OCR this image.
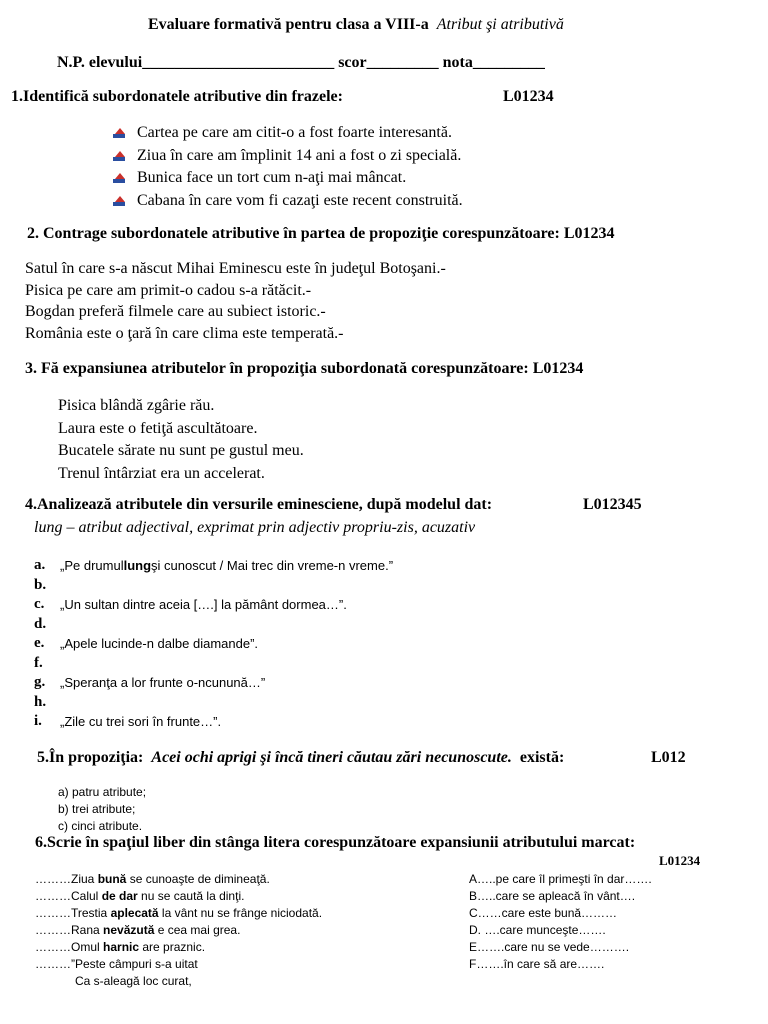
Evaluare formativă pentru clasa a VIII-a Atribut şi atributivă
N.P. elevului________________________ scor_________ nota_________
1.Identifică subordonatele atributive din frazele:	L01234
Cartea pe care am citit-o a fost foarte interesantă.
Ziua în care am împlinit 14 ani a fost o zi specială.
Bunica face un tort cum n-aţi mai mâncat.
Cabana în care vom fi cazaţi este recent construită.
2. Contrage subordonatele atributive în partea de propoziţie corespunzătoare: L01234
Satul în care s-a născut Mihai Eminescu este în judeţul Botoşani.-
Pisica pe care am primit-o cadou s-a rătăcit.-
Bogdan preferă filmele care au subiect istoric.-
România este o ţară în care clima este temperată.-
3. Fă expansiunea atributelor în propoziţia subordonată corespunzătoare: L01234
Pisica blândă zgârie rău.
Laura este o fetiţă ascultătoare.
Bucatele sărate nu sunt pe gustul meu.
Trenul întârziat era un accelerat.
4.Analizează atributele din versurile eminesciene, după modelul dat:	L012345
lung – atribut adjectival, exprimat prin adjectiv propriu-zis, acuzativ
a.	„Pe drumul lung şi cunoscut / Mai trec din vreme-n vreme.”
b.
c.	„Un sultan dintre aceia [….] la pământ dormea…”.
d.
e.	„Apele lucinde-n dalbe diamande”.
f.
g.	„Speranţa a lor frunte o-ncunună…”
h.
i.	„Zile cu trei sori în frunte…”.
5.În propoziţia: Acei ochi aprigi şi încă tineri căutau zări necunoscute. există:	L012
a) patru atribute;
b) trei atribute;
c) cinci atribute.
6.Scrie în spaţiul liber din stânga litera corespunzătoare expansiunii atributului marcat:
L01234
………Ziua bună se cunoaşte de dimineaţă.
………Calul de dar nu se caută la dinţi.
………Trestia aplecată la vânt nu se frânge niciodată.
………Rana nevăzută e cea mai grea.
………Omul harnic are praznic.
………”Peste câmpuri s-a uitat
Ca s-aleagă loc curat,
A…..pe care îl primeşti în dar…….
B…..care se apleacă în vânt….
C……care este bună………
D. ….care munceşte…….
E…….care nu se vede……….
F…….în care să are…….
